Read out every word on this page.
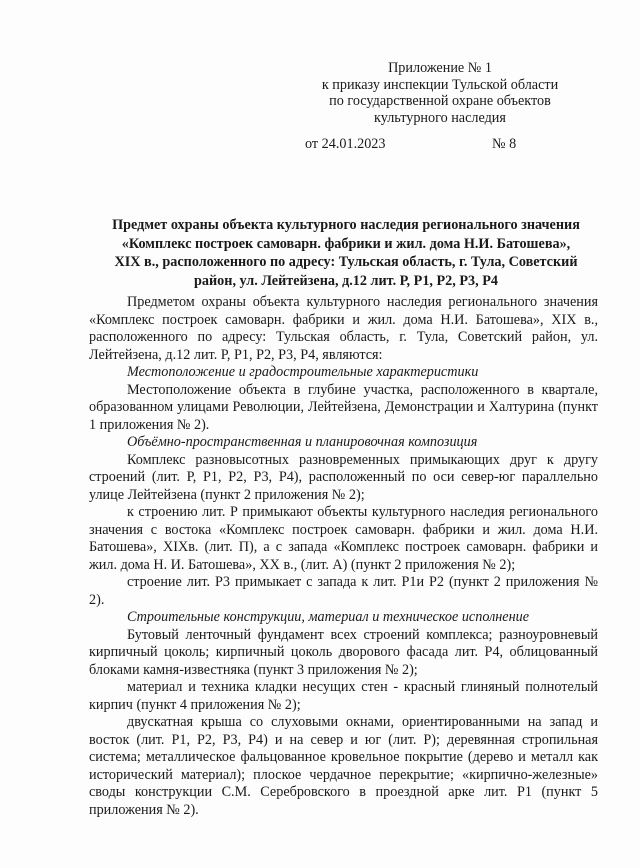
Приложение № 1
к приказу инспекции Тульской области
по государственной охране объектов
культурного наследия
от 24.01.2023	№ 8
Предмет охраны объекта культурного наследия регионального значения
«Комплекс построек самоварн. фабрики и жил. дома Н.И. Батошева»,
XIX в., расположенного по адресу: Тульская область, г. Тула, Советский
район, ул. Лейтейзена, д.12 лит. Р, Р1, Р2, Р3, Р4

Предметом охраны объекта культурного наследия регионального значения «Комплекс построек самоварн. фабрики и жил. дома Н.И. Батошева», XIX в., расположенного по адресу: Тульская область, г. Тула, Советский район, ул. Лейтейзена, д.12 лит. Р, Р1, Р2, Р3, Р4, являются:

Местоположение и градостроительные характеристики

Местоположение объекта в глубине участка, расположенного в квартале, образованном улицами Революции, Лейтейзена, Демонстрации и Халтурина (пункт 1 приложения № 2).

Объёмно-пространственная и планировочная композиция

Комплекс разновысотных разновременных примыкающих друг к другу строений (лит. Р, Р1, Р2, Р3, Р4), расположенный по оси север-юг параллельно улице Лейтейзена (пункт 2 приложения № 2);

к строению лит. Р примыкают объекты культурного наследия регионального значения с востока «Комплекс построек самоварн. фабрики и жил. дома Н.И. Батошева», XIXв. (лит. П), а с запада «Комплекс построек самоварн. фабрики и жил. дома Н. И. Батошева», XX в., (лит. А) (пункт 2 приложения № 2);

строение лит. Р3 примыкает с запада к лит. Р1и Р2 (пункт 2 приложения № 2).

Строительные конструкции, материал и техническое исполнение

Бутовый ленточный фундамент всех строений комплекса; разноуровневый кирпичный цоколь; кирпичный цоколь дворового фасада лит. Р4, облицованный блоками камня-известняка (пункт 3 приложения № 2);

материал и техника кладки несущих стен - красный глиняный полнотелый кирпич (пункт 4 приложения № 2);

двускатная крыша со слуховыми окнами, ориентированными на запад и восток (лит. Р1, Р2, Р3, Р4) и на север и юг (лит. Р); деревянная стропильная система; металлическое фальцованное кровельное покрытие (дерево и металл как исторический материал); плоское чердачное перекрытие; «кирпично-железные» своды конструкции С.М. Серебровского в проездной арке лит. Р1 (пункт 5 приложения № 2).
